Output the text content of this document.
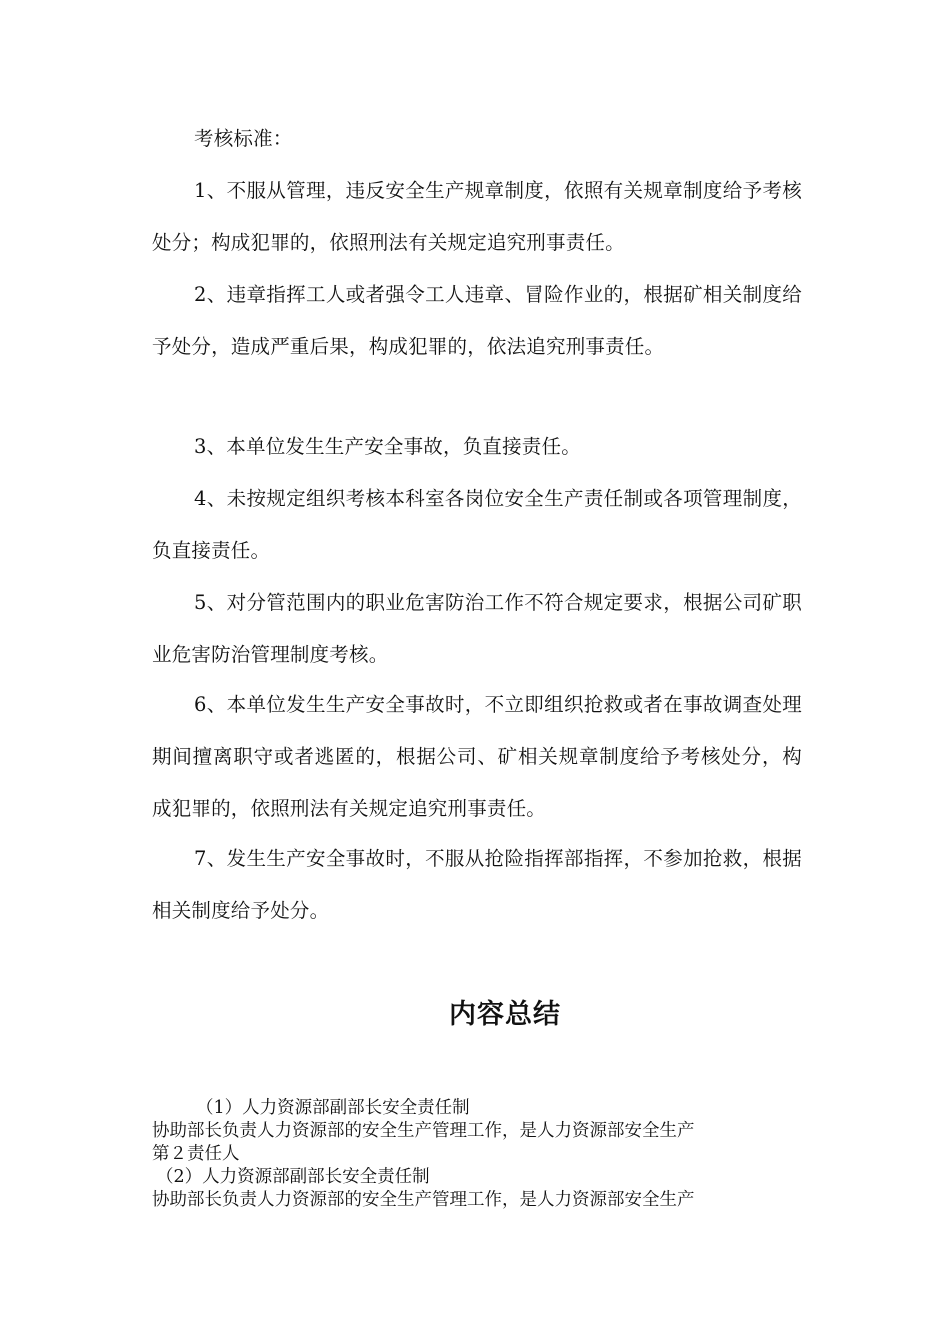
考核标准：

1、不服从管理，违反安全生产规章制度，依照有关规章制度给予考核处分；构成犯罪的，依照刑法有关规定追究刑事责任。

2、违章指挥工人或者强令工人违章、冒险作业的，根据矿相关制度给予处分，造成严重后果，构成犯罪的，依法追究刑事责任。

3、本单位发生生产安全事故，负直接责任。

4、未按规定组织考核本科室各岗位安全生产责任制或各项管理制度，负直接责任。

5、对分管范围内的职业危害防治工作不符合规定要求，根据公司矿职业危害防治管理制度考核。

6、本单位发生生产安全事故时，不立即组织抢救或者在事故调查处理期间擅离职守或者逃匿的，根据公司、矿相关规章制度给予考核处分，构成犯罪的，依照刑法有关规定追究刑事责任。

7、发生生产安全事故时，不服从抢险指挥部指挥，不参加抢救，根据相关制度给予处分。

内容总结
（1）人力资源部副部长安全责任制
协助部长负责人力资源部的安全生产管理工作，是人力资源部安全生产
第２责任人
（2）人力资源部副部长安全责任制
协助部长负责人力资源部的安全生产管理工作，是人力资源部安全生产
